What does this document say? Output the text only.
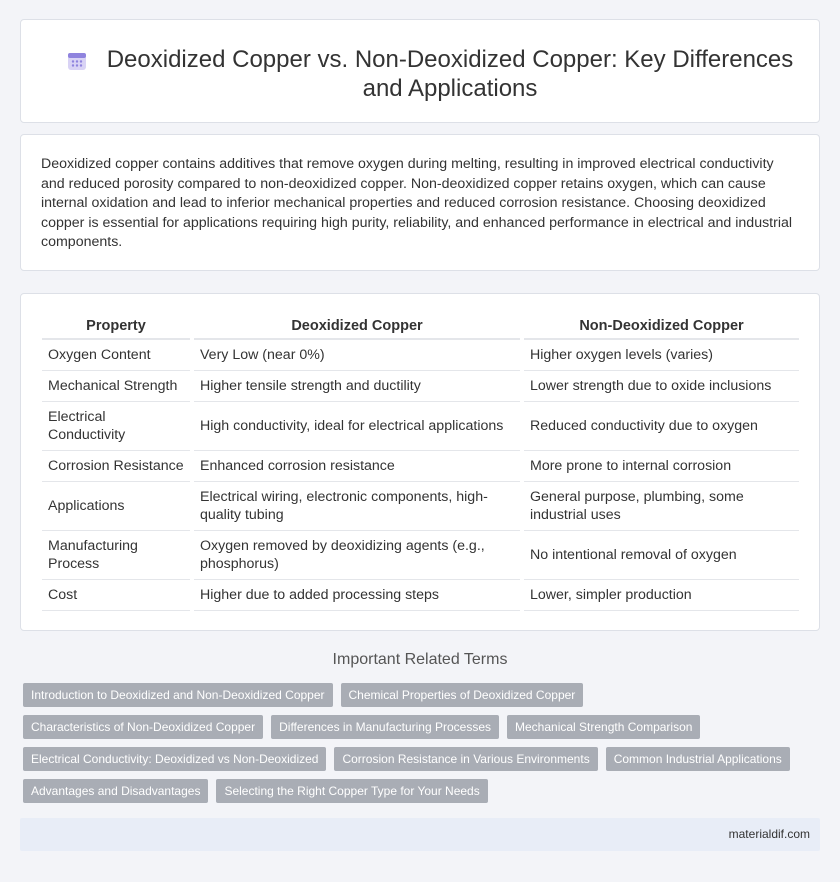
Deoxidized Copper vs. Non-Deoxidized Copper: Key Differences and Applications

Deoxidized copper contains additives that remove oxygen during melting, resulting in improved electrical conductivity and reduced porosity compared to non-deoxidized copper. Non-deoxidized copper retains oxygen, which can cause internal oxidation and lead to inferior mechanical properties and reduced corrosion resistance. Choosing deoxidized copper is essential for applications requiring high purity, reliability, and enhanced performance in electrical and industrial components.

Property	Deoxidized Copper	Non-Deoxidized Copper
Oxygen Content	Very Low (near 0%)	Higher oxygen levels (varies)
Mechanical Strength	Higher tensile strength and ductility	Lower strength due to oxide inclusions
Electrical Conductivity	High conductivity, ideal for electrical applications	Reduced conductivity due to oxygen
Corrosion Resistance	Enhanced corrosion resistance	More prone to internal corrosion
Applications	Electrical wiring, electronic components, high-quality tubing	General purpose, plumbing, some industrial uses
Manufacturing Process	Oxygen removed by deoxidizing agents (e.g., phosphorus)	No intentional removal of oxygen
Cost	Higher due to added processing steps	Lower, simpler production
Important Related Terms
Introduction to Deoxidized and Non-Deoxidized Copper	Chemical Properties of Deoxidized Copper
Characteristics of Non-Deoxidized Copper	Differences in Manufacturing Processes	Mechanical Strength Comparison
Electrical Conductivity: Deoxidized vs Non-Deoxidized	Corrosion Resistance in Various Environments	Common Industrial Applications
Advantages and Disadvantages	Selecting the Right Copper Type for Your Needs
materialdif.com
